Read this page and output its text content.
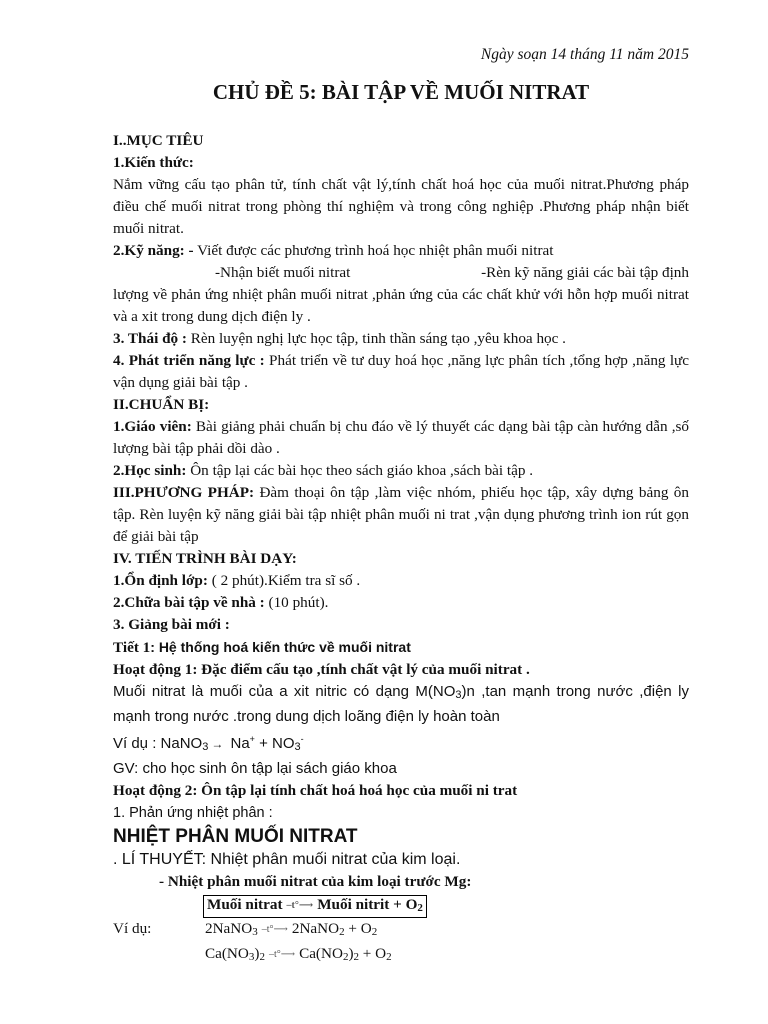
Ngày soạn 14 tháng 11 năm 2015
CHỦ ĐỀ 5: BÀI TẬP VỀ MUỐI NITRAT
I..MỤC TIÊU
1.Kiến thức:
Nắm vững cấu tạo phân tử, tính chất vật lý,tính chất hoá học của muối nitrat.Phương pháp điều chế muối nitrat trong phòng thí nghiệm và trong công nghiệp .Phương pháp nhận biết muối nitrat.
2.Kỹ năng: - Viết được các phương trình hoá học nhiệt phân muối nitrat
-Nhận biết muối nitrat	-Rèn kỹ năng giải các bài tập định
lượng về phản ứng nhiệt phân muối nitrat ,phản ứng của các chất khử với hỗn hợp muối nitrat và a xit trong dung dịch điện ly .
3. Thái độ : Rèn luyện nghị lực học tập, tinh thần sáng tạo ,yêu khoa học .
4. Phát triển năng lực : Phát triển về tư duy hoá học ,năng lực phân tích ,tổng hợp ,năng lực vận dụng giải bài tập .
II.CHUẨN BỊ:
1.Giáo viên: Bài giảng phải chuẩn bị chu đáo về lý thuyết các dạng bài tập càn hướng dẫn ,số lượng bài tập phải dồi dào .
2.Học sinh: Ôn tập lại các bài học theo sách giáo khoa ,sách bài tập .
III.PHƯƠNG PHÁP: Đàm thoại ôn tập ,làm việc nhóm, phiếu học tập, xây dựng bảng ôn tập. Rèn luyện kỹ năng giải bài tập nhiệt phân muối ni trat ,vận dụng phương trình ion rút gọn để giải bài tập
IV. TIẾN TRÌNH BÀI DẠY:
1.Ổn định lớp: ( 2 phút).Kiểm tra sĩ số .
2.Chữa bài tập về nhà : (10 phút).
3. Giảng bài mới :
Tiết 1: Hệ thống hoá kiến thức về muối nitrat
Hoạt động 1: Đặc điểm cấu tạo ,tính chất vật lý của muối nitrat .
Muối nitrat là muối của a xit nitric có dạng M(NO3)n ,tan mạnh trong nước ,điện ly mạnh trong nước .trong dung dịch loãng điện ly hoàn toàn
Ví dụ : NaNO3 → Na+ + NO3-
GV: cho học sinh ôn tập lại sách giáo khoa
Hoạt động 2: Ôn tập lại tính chất hoá hoá học của muối ni trat
1. Phản ứng nhiệt phân :
NHIỆT PHÂN MUỐI NITRAT
. LÍ THUYẾT: Nhiệt phân muối nitrat của kim loại.
- Nhiệt phân muối nitrat của kim loại trước Mg:
Muối nitrat –t°⟶ Muối nitrit + O2
Ví dụ:	2NaNO3 –t°⟶ 2NaNO2 + O2
Ca(NO3)2 –t°⟶ Ca(NO2)2 + O2
